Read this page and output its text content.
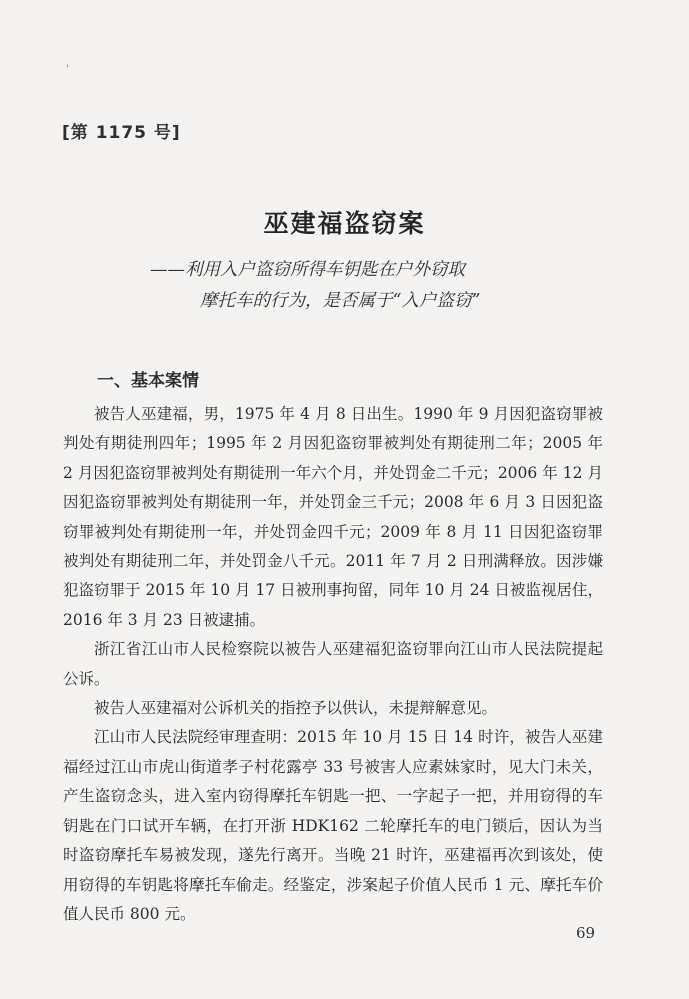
'
[第 1175 号]
巫建福盗窃案
——利用入户盗窃所得车钥匙在户外窃取
摩托车的行为，是否属于“入户盗窃”
一、基本案情

被告人巫建福，男，1975 年 4 月 8 日出生。1990 年 9 月因犯盗窃罪被判处有期徒刑四年；1995 年 2 月因犯盗窃罪被判处有期徒刑二年；2005 年 2 月因犯盗窃罪被判处有期徒刑一年六个月，并处罚金二千元；2006 年 12 月因犯盗窃罪被判处有期徒刑一年，并处罚金三千元；2008 年 6 月 3 日因犯盗窃罪被判处有期徒刑一年，并处罚金四千元；2009 年 8 月 11 日因犯盗窃罪被判处有期徒刑二年，并处罚金八千元。2011 年 7 月 2 日刑满释放。因涉嫌犯盗窃罪于 2015 年 10 月 17 日被刑事拘留，同年 10 月 24 日被监视居住，2016 年 3 月 23 日被逮捕。

浙江省江山市人民检察院以被告人巫建福犯盗窃罪向江山市人民法院提起公诉。

被告人巫建福对公诉机关的指控予以供认，未提辩解意见。

江山市人民法院经审理查明：2015 年 10 月 15 日 14 时许，被告人巫建福经过江山市虎山街道孝子村花露亭 33 号被害人应素妹家时，见大门未关，产生盗窃念头，进入室内窃得摩托车钥匙一把、一字起子一把，并用窃得的车钥匙在门口试开车辆，在打开浙 HDK162 二轮摩托车的电门锁后，因认为当时盗窃摩托车易被发现，遂先行离开。当晚 21 时许，巫建福再次到该处，使用窃得的车钥匙将摩托车偷走。经鉴定，涉案起子价值人民币 1 元、摩托车价值人民币 800 元。

69
